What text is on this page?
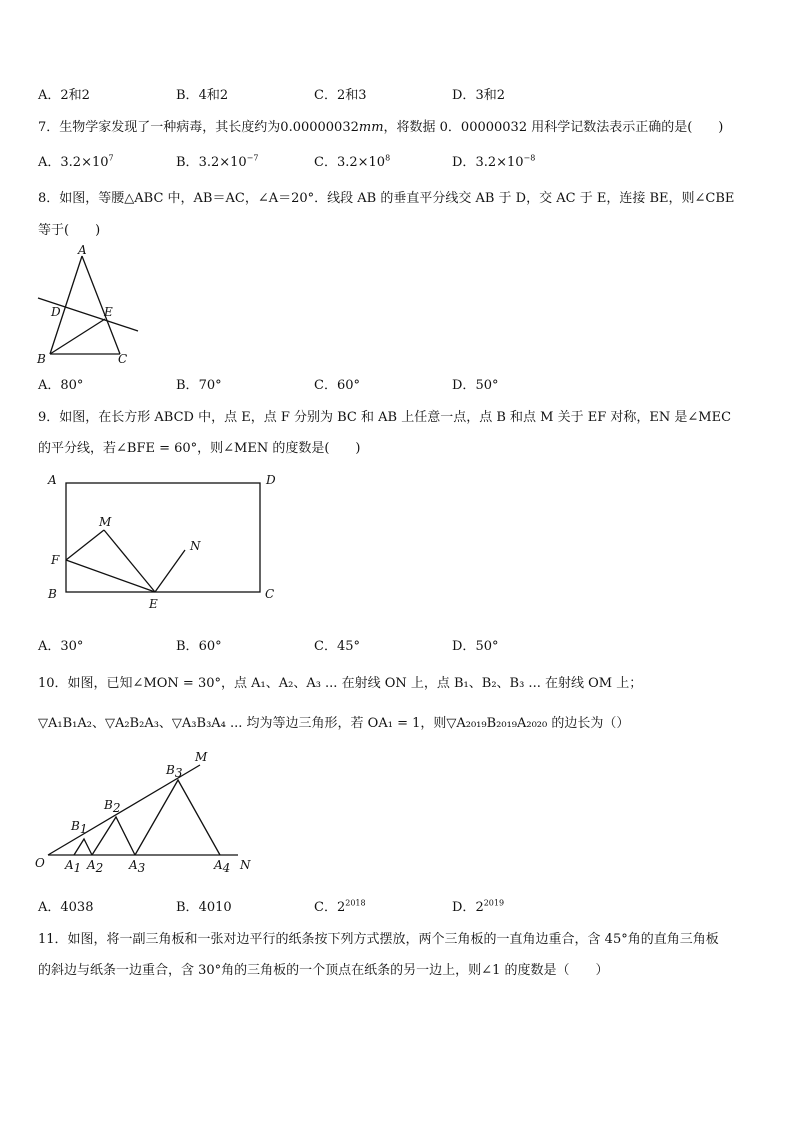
A．2和2	B．4和2	C．2和3	D．3和2
7．生物学家发现了一种病毒，其长度约为0.00000032mm，将数据 0．00000032 用科学记数法表示正确的是(　　)
A．$3.2\times 10^7$	B．$3.2\times 10^{-7}$	C．$3.2\times 10^8$	D．$3.2\times 10^{-8}$
8．如图，等腰△ABC 中，AB＝AC，∠A＝20°．线段 AB 的垂直平分线交 AB 于 D，交 AC 于 E，连接 BE，则∠CBE
等于(　　)
A
D	E
B	C
A．80°	B．70°	C．60°	D．50°
9．如图，在长方形 ABCD 中，点 E，点 F 分别为 BC 和 AB 上任意一点，点 B 和点 M 关于 EF 对称，EN 是∠MEC
的平分线，若∠BFE = 60°，则∠MEN 的度数是(　　)
A	D
M
N
F
B	C
E
A．30°	B．60°	C．45°	D．50°
10．如图，已知∠MON = 30°，点 A₁、A₂、A₃ ... 在射线 ON 上，点 B₁、B₂、B₃ ... 在射线 OM 上；
▽A₁B₁A₂、▽A₂B₂A₃、▽A₃B₃A₄ ... 均为等边三角形，若 OA₁ = 1，则▽A₂₀₁₉B₂₀₁₉A₂₀₂₀ 的边长为（）
O
M
N
B1
B2
B3
A1 A2 A3	A4
A．4038	B．4010	C．$2^{2018}$	D．$2^{2019}$
11．如图，将一副三角板和一张对边平行的纸条按下列方式摆放，两个三角板的一直角边重合，含 45°角的直角三角板
的斜边与纸条一边重合，含 30°角的三角板的一个顶点在纸条的另一边上，则∠1 的度数是（　　）
